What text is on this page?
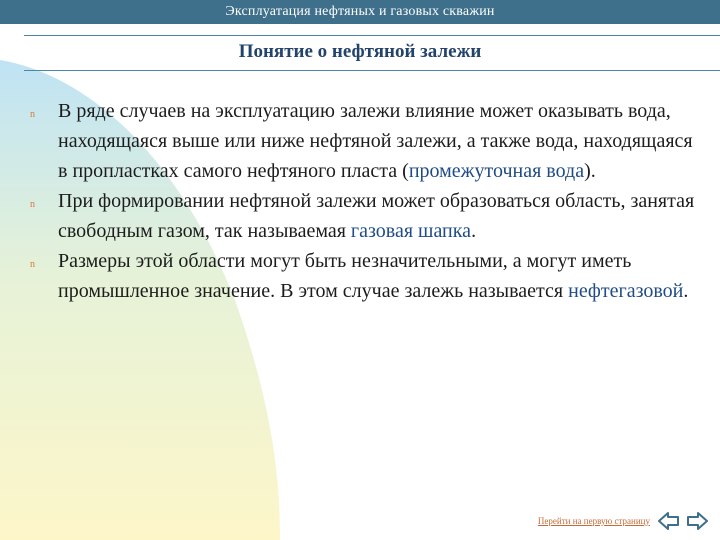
Эксплуатация нефтяных и газовых скважин
Понятие о нефтяной залежи
n	В ряде случаев на эксплуатацию залежи влияние может оказывать вода, находящаяся выше или ниже нефтяной залежи, а также вода, находящаяся в пропластках самого нефтяного пласта (промежуточная вода).
n	При формировании нефтяной залежи может образоваться область, занятая свободным газом, так называемая газовая шапка.
n	Размеры этой области могут быть незначительными, а могут иметь промышленное значение. В этом случае залежь называется нефтегазовой.
Перейти на первую страницу
